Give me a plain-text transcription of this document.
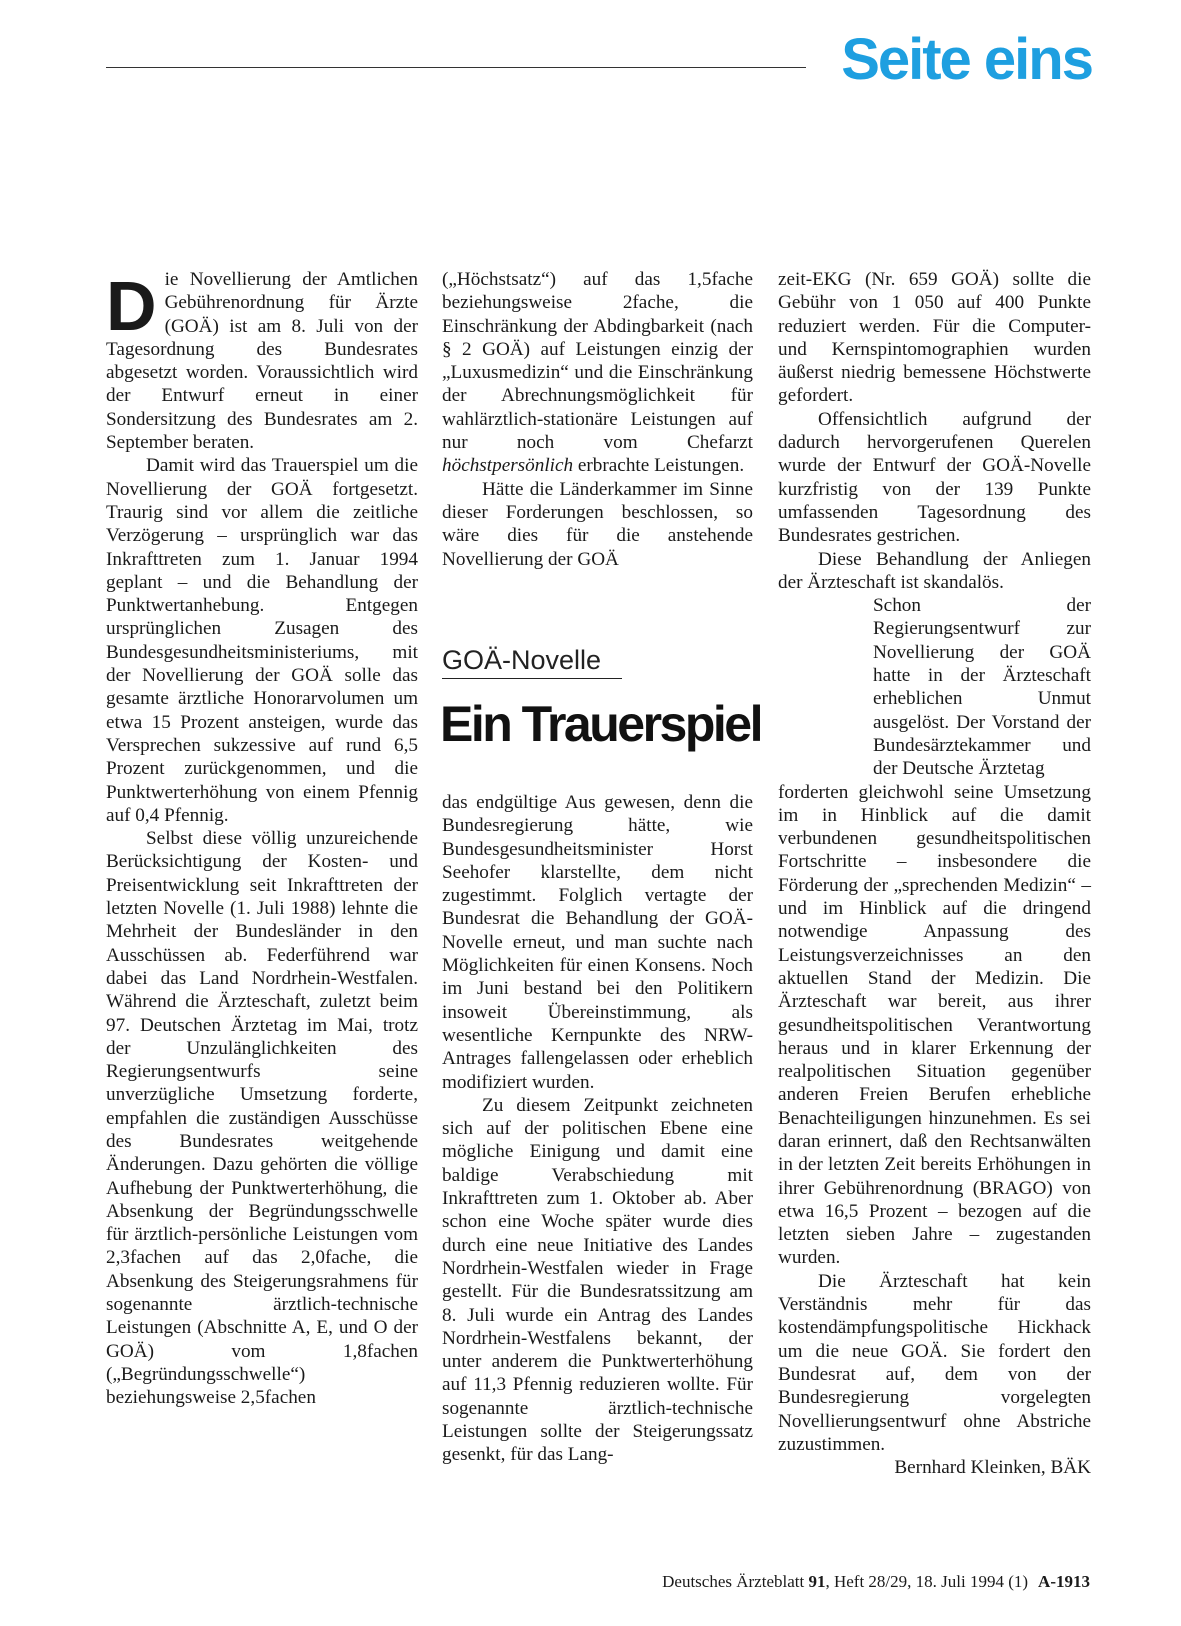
Seite eins

Die Novellierung der Amtlichen Gebührenordnung für Ärzte (GOÄ) ist am 8. Juli von der Tagesordnung des Bundesrates abgesetzt worden. Voraussichtlich wird der Entwurf erneut in einer Sondersitzung des Bundesrates am 2. September beraten.

Damit wird das Trauerspiel um die Novellierung der GOÄ fortgesetzt. Traurig sind vor allem die zeitliche Verzögerung – ursprünglich war das Inkrafttreten zum 1. Januar 1994 geplant – und die Behandlung der Punktwertanhebung. Entgegen ursprünglichen Zusagen des Bundesgesundheitsministeriums, mit der Novellierung der GOÄ solle das gesamte ärztliche Honorarvolumen um etwa 15 Prozent ansteigen, wurde das Versprechen sukzessive auf rund 6,5 Prozent zurückgenommen, und die Punktwerterhöhung von einem Pfennig auf 0,4 Pfennig.

Selbst diese völlig unzureichende Berücksichtigung der Kosten- und Preisentwicklung seit Inkrafttreten der letzten Novelle (1. Juli 1988) lehnte die Mehrheit der Bundesländer in den Ausschüssen ab. Federführend war dabei das Land Nordrhein-Westfalen. Während die Ärzteschaft, zuletzt beim 97. Deutschen Ärztetag im Mai, trotz der Unzulänglichkeiten des Regierungsentwurfs seine unverzügliche Umsetzung forderte, empfahlen die zuständigen Ausschüsse des Bundesrates weitgehende Änderungen. Dazu gehörten die völlige Aufhebung der Punktwerterhöhung, die Absenkung der Begründungsschwelle für ärztlich-persönliche Leistungen vom 2,3fachen auf das 2,0fache, die Absenkung des Steigerungsrahmens für sogenannte ärztlich-technische Leistungen (Abschnitte A, E, und O der GOÄ) vom 1,8fachen („Begründungsschwelle“) beziehungsweise 2,5fachen

(„Höchstsatz“) auf das 1,5fache beziehungsweise 2fache, die Einschränkung der Abdingbarkeit (nach § 2 GOÄ) auf Leistungen einzig der „Luxusmedizin“ und die Einschränkung der Abrechnungsmöglichkeit für wahlärztlich-stationäre Leistungen auf nur noch vom Chefarzt höchstpersönlich erbrachte Leistungen.

Hätte die Länderkammer im Sinne dieser Forderungen beschlossen, so wäre dies für die anstehende Novellierung der GOÄ

GOÄ-Novelle
Ein Trauerspiel

das endgültige Aus gewesen, denn die Bundesregierung hätte, wie Bundesgesundheitsminister Horst Seehofer klarstellte, dem nicht zugestimmt. Folglich vertagte der Bundesrat die Behandlung der GOÄ-Novelle erneut, und man suchte nach Möglichkeiten für einen Konsens. Noch im Juni bestand bei den Politikern insoweit Übereinstimmung, als wesentliche Kernpunkte des NRW-Antrages fallengelassen oder erheblich modifiziert wurden.

Zu diesem Zeitpunkt zeichneten sich auf der politischen Ebene eine mögliche Einigung und damit eine baldige Verabschiedung mit Inkrafttreten zum 1. Oktober ab. Aber schon eine Woche später wurde dies durch eine neue Initiative des Landes Nordrhein-Westfalen wieder in Frage gestellt. Für die Bundesratssitzung am 8. Juli wurde ein Antrag des Landes Nordrhein-Westfalens bekannt, der unter anderem die Punktwerterhöhung auf 11,3 Pfennig reduzieren wollte. Für sogenannte ärztlich-technische Leistungen sollte der Steigerungssatz gesenkt, für das Lang-

zeit-EKG (Nr. 659 GOÄ) sollte die Gebühr von 1 050 auf 400 Punkte reduziert werden. Für die Computer- und Kernspintomographien wurden äußerst niedrig bemessene Höchstwerte gefordert.

Offensichtlich aufgrund der dadurch hervorgerufenen Querelen wurde der Entwurf der GOÄ-Novelle kurzfristig von der 139 Punkte umfassenden Tagesordnung des Bundesrates gestrichen.

Diese Behandlung der Anliegen der Ärzteschaft ist skandalös.

Schon der Regierungsentwurf zur Novellierung der GOÄ hatte in der Ärzteschaft erheblichen Unmut ausgelöst. Der Vorstand der Bundesärztekammer und der Deutsche Ärztetag

forderten gleichwohl seine Umsetzung im in Hinblick auf die damit verbundenen gesundheitspolitischen Fortschritte – insbesondere die Förderung der „sprechenden Medizin“ – und im Hinblick auf die dringend notwendige Anpassung des Leistungsverzeichnisses an den aktuellen Stand der Medizin. Die Ärzteschaft war bereit, aus ihrer gesundheitspolitischen Verantwortung heraus und in klarer Erkennung der realpolitischen Situation gegenüber anderen Freien Berufen erhebliche Benachteiligungen hinzunehmen. Es sei daran erinnert, daß den Rechtsanwälten in der letzten Zeit bereits Erhöhungen in ihrer Gebührenordnung (BRAGO) von etwa 16,5 Prozent – bezogen auf die letzten sieben Jahre – zugestanden wurden.

Die Ärzteschaft hat kein Verständnis mehr für das kostendämpfungspolitische Hickhack um die neue GOÄ. Sie fordert den Bundesrat auf, dem von der Bundesregierung vorgelegten Novellierungsentwurf ohne Abstriche zuzustimmen.

Bernhard Kleinken, BÄK

Deutsches Ärzteblatt 91, Heft 28/29, 18. Juli 1994 (1) A-1913
